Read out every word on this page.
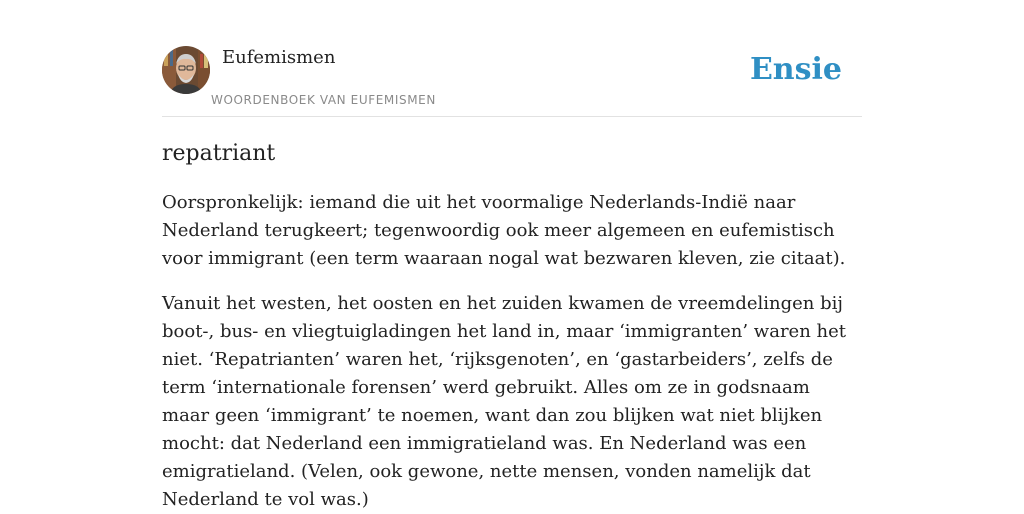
Eufemismen
WOORDENBOEK VAN EUFEMISMEN
Ensie
repatriant

Oorspronkelijk: iemand die uit het voormalige Nederlands-Indië naar Nederland terugkeert; tegenwoordig ook meer algemeen en eufemistisch voor immigrant (een term waaraan nogal wat bezwaren kleven, zie citaat).

Vanuit het westen, het oosten en het zuiden kwamen de vreemdelingen bij boot-, bus- en vliegtuigladingen het land in, maar ‘immigranten’ waren het niet. ‘Repatrianten’ waren het, ‘rijksgenoten’, en ‘gastarbeiders’, zelfs de term ‘internationale forensen’ werd gebruikt. Alles om ze in godsnaam maar geen ‘immigrant’ te noemen, want dan zou blijken wat niet blijken mocht: dat Nederland een immigratieland was. En Nederland was een emigratieland. (Velen, ook gewone, nette mensen, vonden namelijk dat Nederland te vol was.)
